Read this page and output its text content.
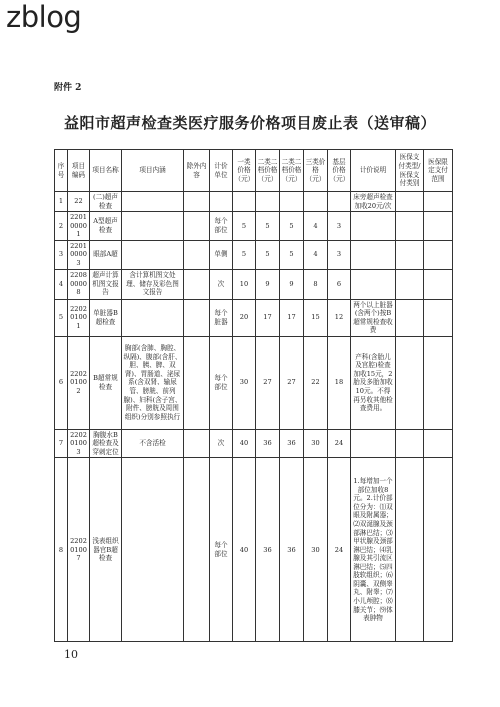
zblog
附件 2
益阳市超声检查类医疗服务价格项目废止表（送审稿）
序号	项目编码	项目名称	项目内涵	除外内容	计价单位	一类价格（元）	二类二档价格（元）	二类二档价格（元）	三类价格（元）	基层价格（元）	计价说明	医保支付类型/医保支付类别	医保限定支付范围
1	22	(二)超声检查									床旁超声检查加收20元/次		
2	220100001	A型超声检查			每个部位	5	5	5	4	3			
3	220100003	眼部A超			单侧	5	5	5	4	3			
4	220800008	超声计算机图文报告	含计算机图文处理、储存及彩色图文报告		次	10	9	9	8	6			
5	220201001	单脏器B超检查			每个脏器	20	17	17	15	12	两个以上脏器(含两个)按B超常规检查收费		
6	220201002	B超常规检查	胸部(含肺、胸腔、纵隔)、腹部(含肝、胆、胰、脾、双肾)、胃肠道、泌尿系(含双肾、输尿管、膀胱、前列腺)、妇科(含子宫、附件、膀胱及周围组织)分别参照执行		每个部位	30	27	27	22	18	产科(含胎儿及宫腔)检查加收15元，2胎及多胎加收10元。不得再另收其他检查费用。		
7	220201003	胸腹水B超检查及穿刺定位	不含活检		次	40	36	36	30	24			
8	220201007	浅表组织器官B超检查			每个部位	40	36	36	30	24	1.每增加一个部位加收8元。2.计价部位分为：⑴双眼及附属器；⑵双涎腺及颈部淋巴结；⑶甲状腺及颈部淋巴结；⑷乳腺及其引流区淋巴结；⑸四肢软组织；⑹阴囊、双侧睾丸、附睾；⑺小儿颅腔；⑻膝关节；⑼体表肿物		
10
